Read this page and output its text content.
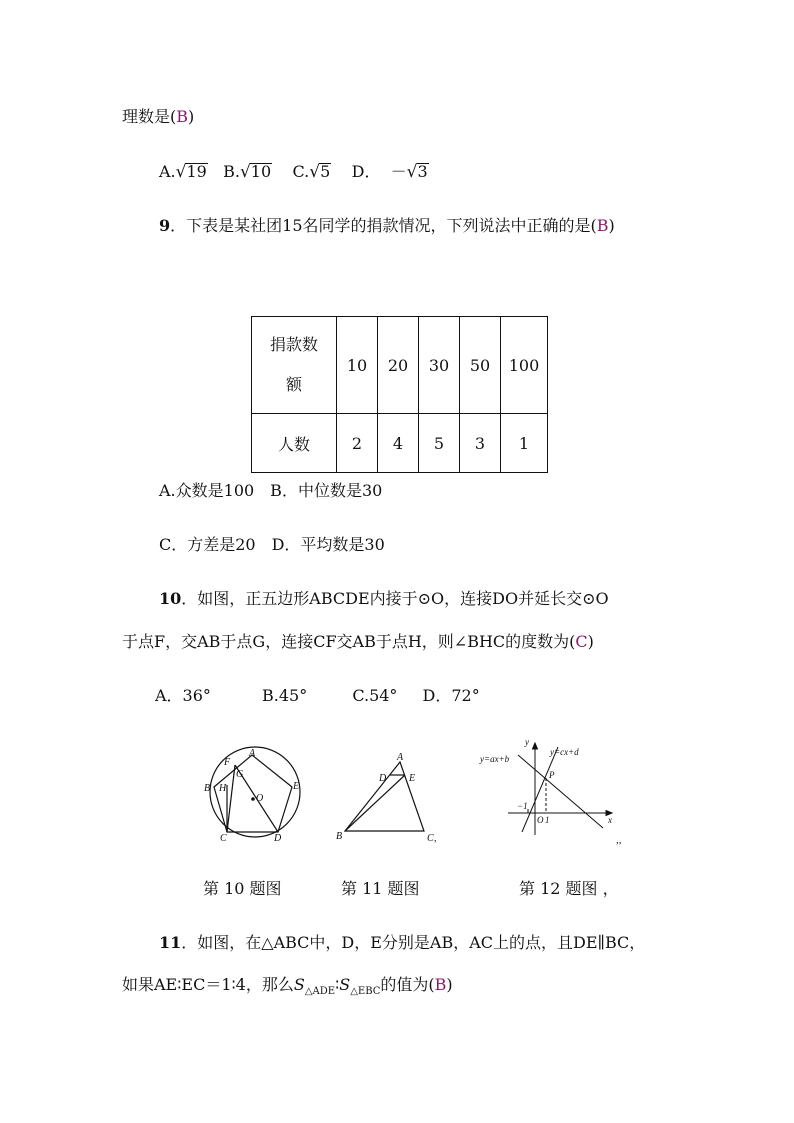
理数是(B)
A.√19 B.√10 C.√5 D． －√3
9．下表是某社团15名同学的捐款情况，下列说法中正确的是(B)
捐款数
额	10	20	30	50	100
人数	2	4	5	3	1
A.众数是100　B．中位数是30
C．方差是20　D．平均数是30
10．如图，正五边形ABCDE内接于⊙O，连接DO并延长交⊙O
于点F，交AB于点G，连接CF交AB于点H，则∠BHC的度数为(C)
A．36°	B.45°	C.54° D．72°
A
B
C	D
E
F
G
H
O
A
B	C
D E
,
y
x
y=ax+b
y=cx+d
P
−1
O 1
,,
第 10 题图	第 11 题图	第 12 题图 ，
11．如图，在△ABC中，D，E分别是AB，AC上的点，且DE∥BC，
如果AE∶EC＝1∶4，那么$S_{\triangle ADE}∶S_{\triangle EBC}$的值为(B)
